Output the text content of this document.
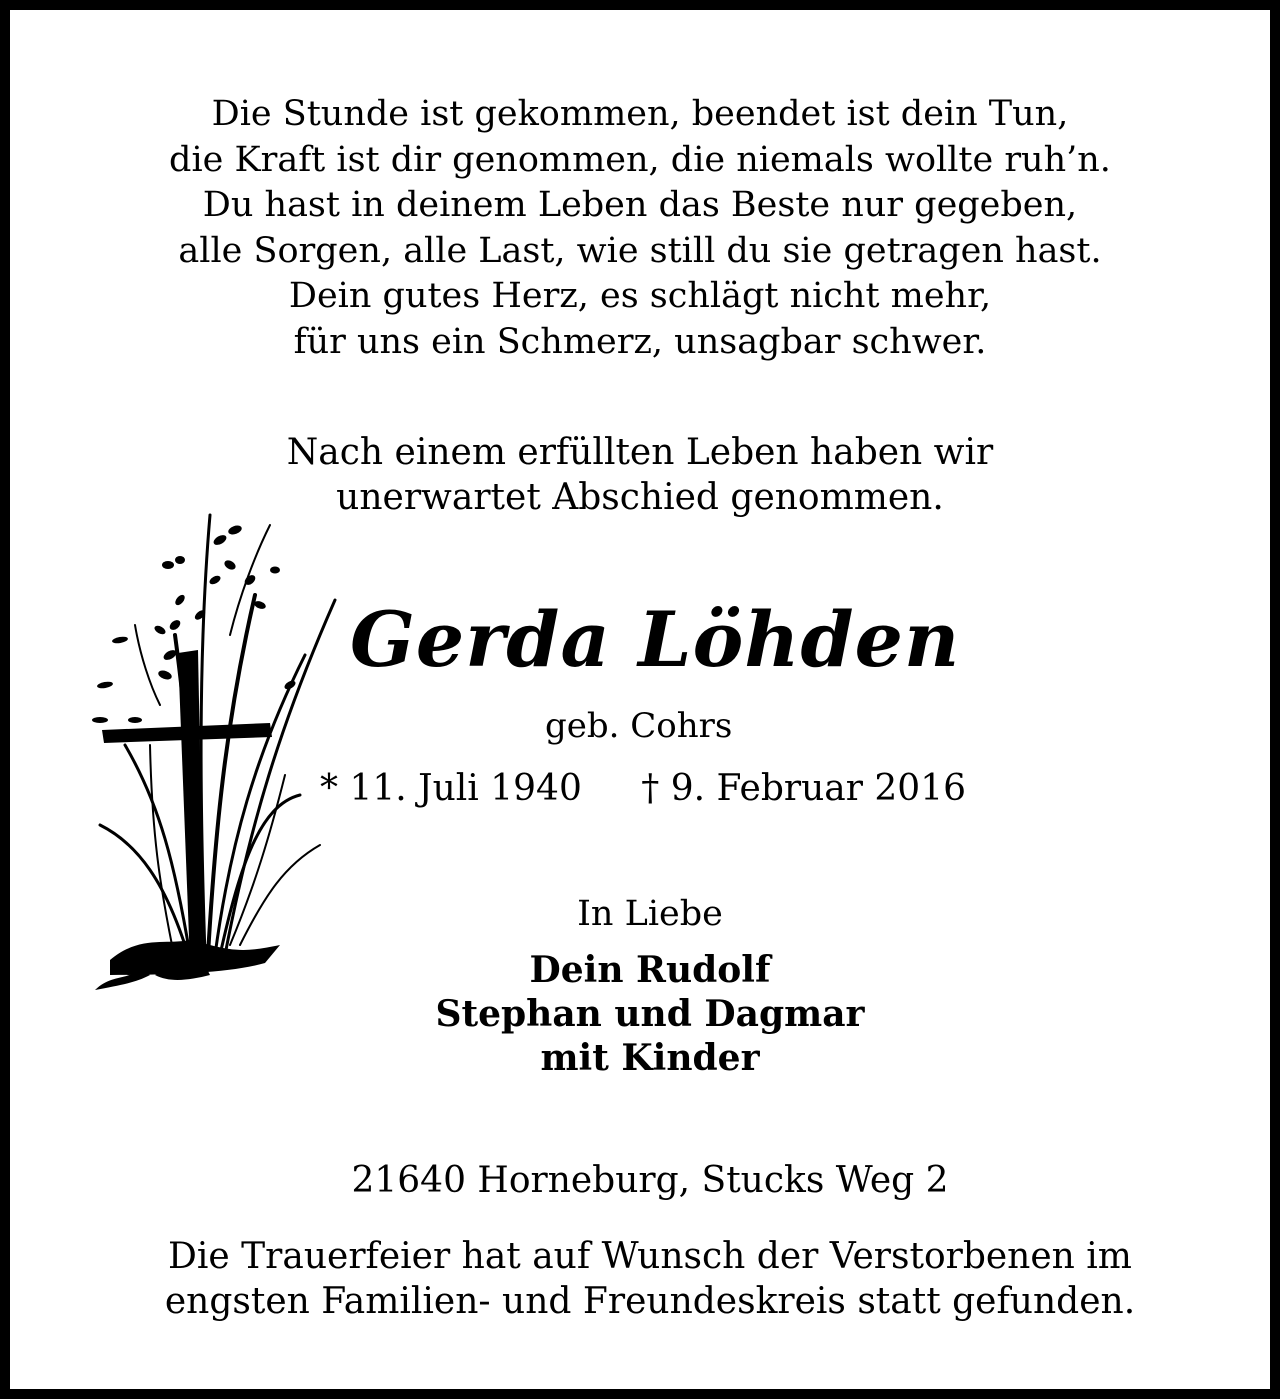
Die Stunde ist gekommen, beendet ist dein Tun,
die Kraft ist dir genommen, die niemals wollte ruh’n.
Du hast in deinem Leben das Beste nur gegeben,
alle Sorgen, alle Last, wie still du sie getragen hast.
Dein gutes Herz, es schlägt nicht mehr,
für uns ein Schmerz, unsagbar schwer.
Nach einem erfüllten Leben haben wir
unerwartet Abschied genommen.
Gerda Löhden
geb. Cohrs
* 11. Juli 1940 † 9. Februar 2016
In Liebe
Dein Rudolf
Stephan und Dagmar
mit Kinder
21640 Horneburg, Stucks Weg 2
Die Trauerfeier hat auf Wunsch der Verstorbenen im
engsten Familien- und Freundeskreis statt gefunden.
